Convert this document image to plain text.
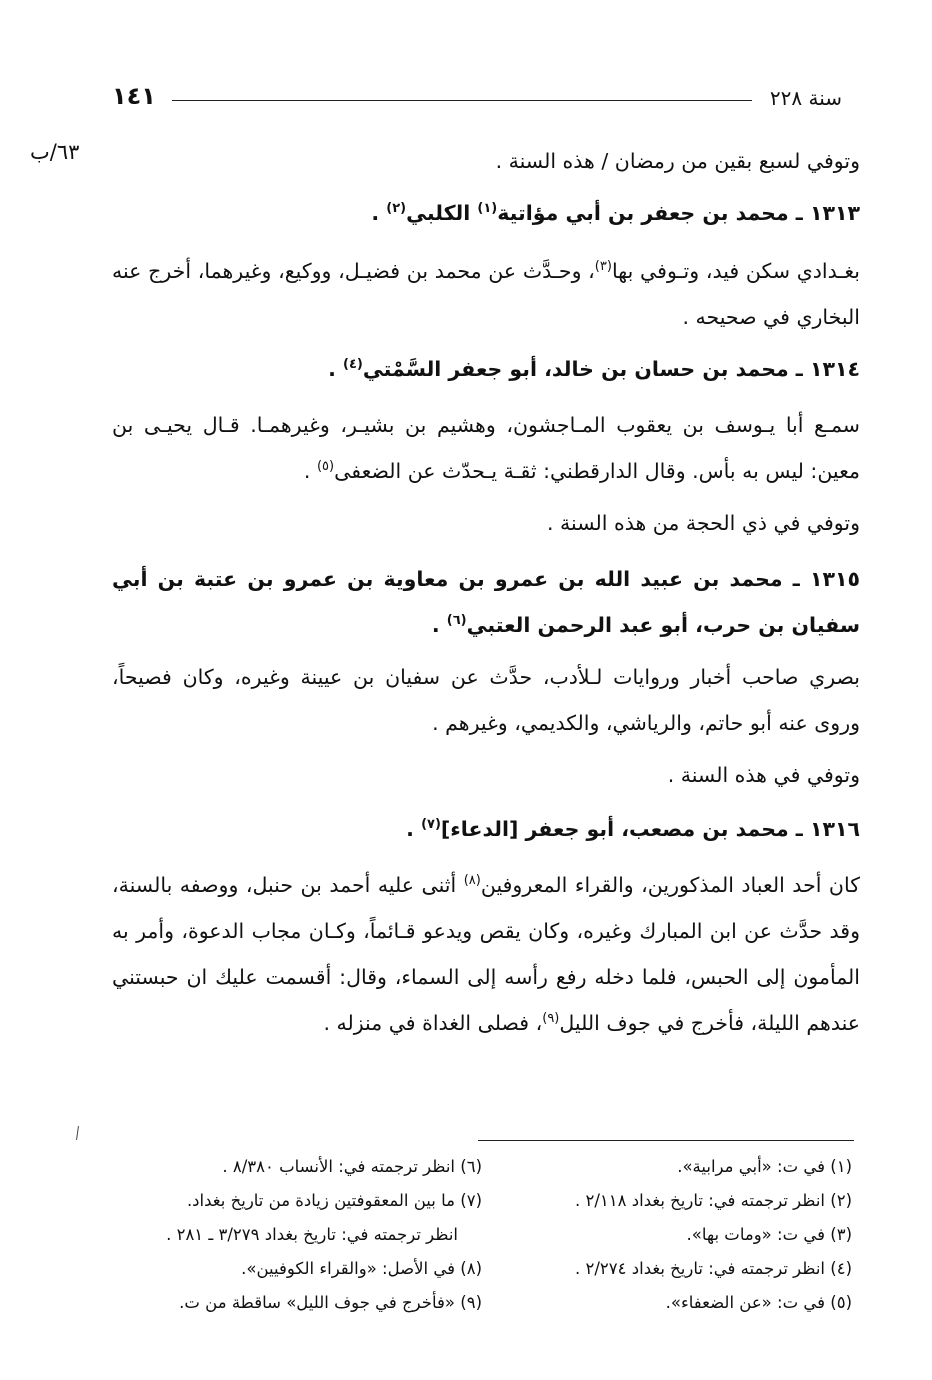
١٤١	سنة ٢٢٨
٦٣/ب	وتوفي لسبع بقين من رمضان / هذه السنة .
١٣١٣ ـ محمد بن جعفر بن أبي مؤاتية$^{(١)}$ الكلبي$^{(٢)}$ .
بغـدادي سكن فيد، وتـوفي بها$^{(٣)}$، وحـدَّث عن محمد بن فضيـل، ووكيع، وغيرهما، أخرج عنه البخاري في صحيحه .
١٣١٤ ـ محمد بن حسان بن خالد، أبو جعفر السَّمْتي$^{(٤)}$ .
سمـع أبا يـوسف بن يعقوب المـاجشون، وهشيم بن بشيـر، وغيرهمـا. قـال يحيـى بن معين: ليس به بأس. وقال الدارقطني: ثقـة يـحدّث عن الضعفى$^{(٥)}$ .
وتوفي في ذي الحجة من هذه السنة .
١٣١٥ ـ محمد بن عبيد الله بن عمرو بن معاوية بن عمرو بن عتبة بن أبي سفيان بن حرب، أبو عبد الرحمن العتبي$^{(٦)}$ .
بصري صاحب أخبار وروايات لـلأدب، حدَّث عن سفيان بن عيينة وغيره، وكان فصيحاً، وروى عنه أبو حاتم، والرياشي، والكديمي، وغيرهم .
وتوفي في هذه السنة .
١٣١٦ ـ محمد بن مصعب، أبو جعفر [الدعاء]$^{(٧)}$ .
كان أحد العباد المذكورين، والقراء المعروفين$^{(٨)}$ أثنى عليه أحمد بن حنبل، ووصفه بالسنة، وقد حدَّث عن ابن المبارك وغيره، وكان يقص ويدعو قـائماً، وكـان مجاب الدعوة، وأمر به المأمون إلى الحبس، فلما دخله رفع رأسه إلى السماء، وقال: أقسمت عليك ان حبستني عندهم الليلة، فأخرج في جوف الليل$^{(٩)}$، فصلى الغداة في منزله .
(١) في ت: «أبي مرابية».
(٢) انظر ترجمته في: تاريخ بغداد ٢/١١٨ .
(٣) في ت: «ومات بها».
(٤) انظر ترجمته في: تاريخ بغداد ٢/٢٧٤ .
(٥) في ت: «عن الضعفاء».
(٦) انظر ترجمته في: الأنساب ٨/٣٨٠ .
(٧) ما بين المعقوفتين زيادة من تاريخ بغداد.
انظر ترجمته في: تاريخ بغداد ٣/٢٧٩ ـ ٢٨١ .
(٨) في الأصل: «والقراء الكوفيين».
(٩) «فأخرج في جوف الليل» ساقطة من ت.
